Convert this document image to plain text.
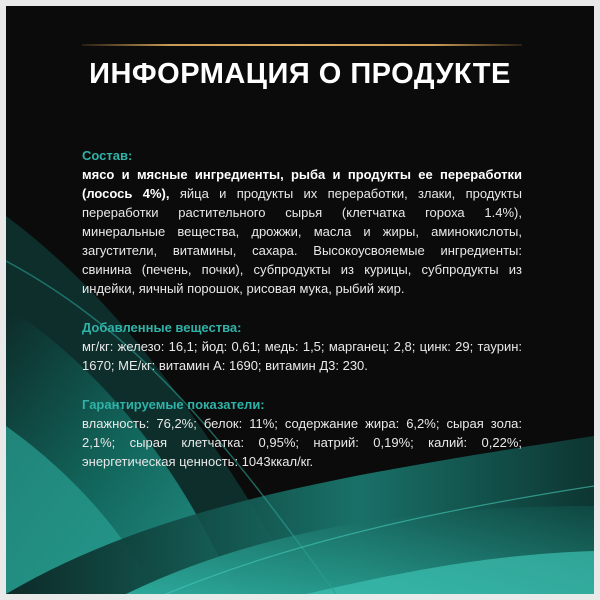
ИНФОРМАЦИЯ О ПРОДУКТЕ
Состав:
мясо и мясные ингредиенты, рыба и продукты ее переработки (лосось 4%), яйца и продукты их переработки, злаки, продукты переработки растительного сырья (клетчатка гороха 1.4%), минеральные вещества, дрожжи, масла и жиры, аминокислоты, загустители, витамины, сахара. Высокоусвояемые ингредиенты: свинина (печень, почки), субпродукты из курицы, субпродукты из индейки, яичный порошок, рисовая мука, рыбий жир.
Добавленные вещества:
мг/кг: железо: 16,1; йод: 0,61; медь: 1,5; марганец: 2,8; цинк: 29; таурин: 1670; МЕ/кг: витамин А: 1690; витамин Д3: 230.
Гарантируемые показатели:
влажность: 76,2%; белок: 11%; содержание жира: 6,2%; сырая зола: 2,1%; сырая клетчатка: 0,95%; натрий: 0,19%; калий: 0,22%; энергетическая ценность: 1043ккал/кг.
